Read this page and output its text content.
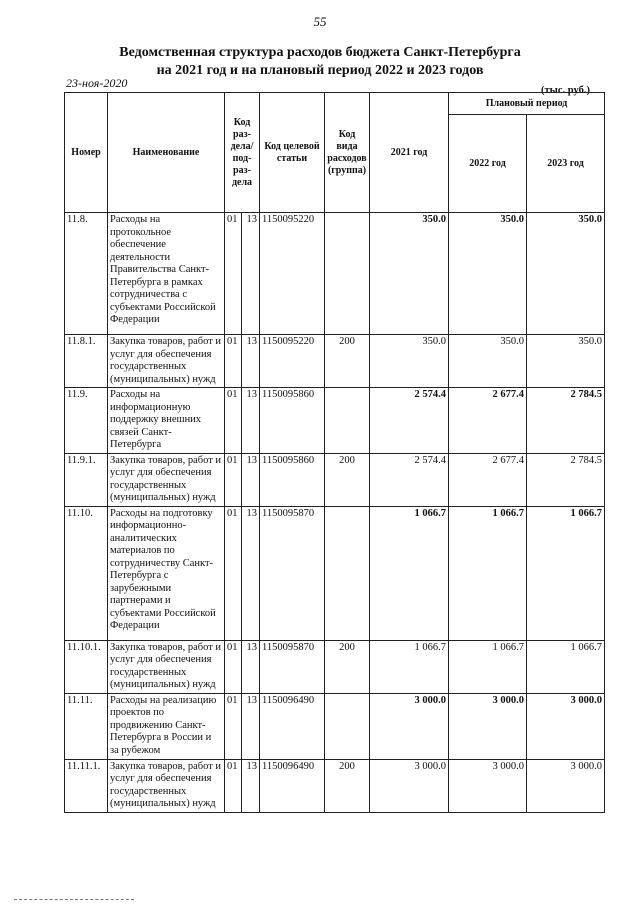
55
Ведомственная структура расходов бюджета Санкт-Петербурга
на 2021 год и на плановый период 2022 и 2023 годов
23-ноя-2020
(тыс. руб.)
Номер	Наименование	Код раз- дела/ под- раз- дела		Код целевой статьи	Код вида расходов (группа)	2021 год	Плановый период	
							2022 год	2023 год
11.8.	Расходы на протокольное обеспечение деятельности Правительства Санкт-Петербурга в рамках сотрудничества с субъектами Российской Федерации	01	13	1150095220		350.0	350.0	350.0
11.8.1.	Закупка товаров, работ и услуг для обеспечения государственных (муниципальных) нужд	01	13	1150095220	200	350.0	350.0	350.0
11.9.	Расходы на информационную поддержку внешних связей Санкт-Петербурга	01	13	1150095860		2 574.4	2 677.4	2 784.5
11.9.1.	Закупка товаров, работ и услуг для обеспечения государственных (муниципальных) нужд	01	13	1150095860	200	2 574.4	2 677.4	2 784.5
11.10.	Расходы на подготовку информационно-аналитических материалов по сотрудничеству Санкт-Петербурга с зарубежными партнерами и субъектами Российской Федерации	01	13	1150095870		1 066.7	1 066.7	1 066.7
11.10.1.	Закупка товаров, работ и услуг для обеспечения государственных (муниципальных) нужд	01	13	1150095870	200	1 066.7	1 066.7	1 066.7
11.11.	Расходы на реализацию проектов по продвижению Санкт-Петербурга в России и за рубежом	01	13	1150096490		3 000.0	3 000.0	3 000.0
11.11.1.	Закупка товаров, работ и услуг для обеспечения государственных (муниципальных) нужд	01	13	1150096490	200	3 000.0	3 000.0	3 000.0
